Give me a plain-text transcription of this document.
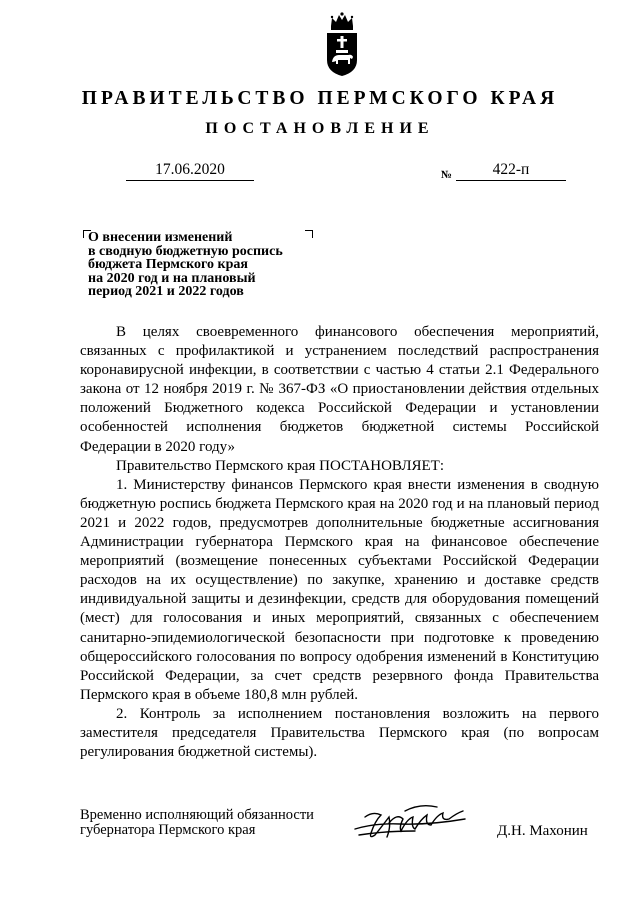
ПРАВИТЕЛЬСТВО ПЕРМСКОГО КРАЯ
ПОСТАНОВЛЕНИЕ
17.06.2020	№	422-п
О внесении изменений
в сводную бюджетную роспись
бюджета Пермского края
на 2020 год и на плановый
период 2021 и 2022 годов

В целях своевременного финансового обеспечения мероприятий, связанных с профилактикой и устранением последствий распространения коронавирусной инфекции, в соответствии с частью 4 статьи 2.1 Федерального закона от 12 ноября 2019 г. № 367-ФЗ «О приостановлении действия отдельных положений Бюджетного кодекса Российской Федерации и установлении особенностей исполнения бюджетов бюджетной системы Российской Федерации в 2020 году»

Правительство Пермского края ПОСТАНОВЛЯЕТ:

1. Министерству финансов Пермского края внести изменения в сводную бюджетную роспись бюджета Пермского края на 2020 год и на плановый период 2021 и 2022 годов, предусмотрев дополнительные бюджетные ассигнования Администрации губернатора Пермского края на финансовое обеспечение мероприятий (возмещение понесенных субъектами Российской Федерации расходов на их осуществление) по закупке, хранению и доставке средств индивидуальной защиты и дезинфекции, средств для оборудования помещений (мест) для голосования и иных мероприятий, связанных с обеспечением санитарно-эпидемиологической безопасности при подготовке к проведению общероссийского голосования по вопросу одобрения изменений в Конституцию Российской Федерации, за счет средств резервного фонда Правительства Пермского края в объеме 180,8 млн рублей.

2. Контроль за исполнением постановления возложить на первого заместителя председателя Правительства Пермского края (по вопросам регулирования бюджетной системы).

Временно исполняющий обязанности
губернатора Пермского края	Д.Н. Махонин
